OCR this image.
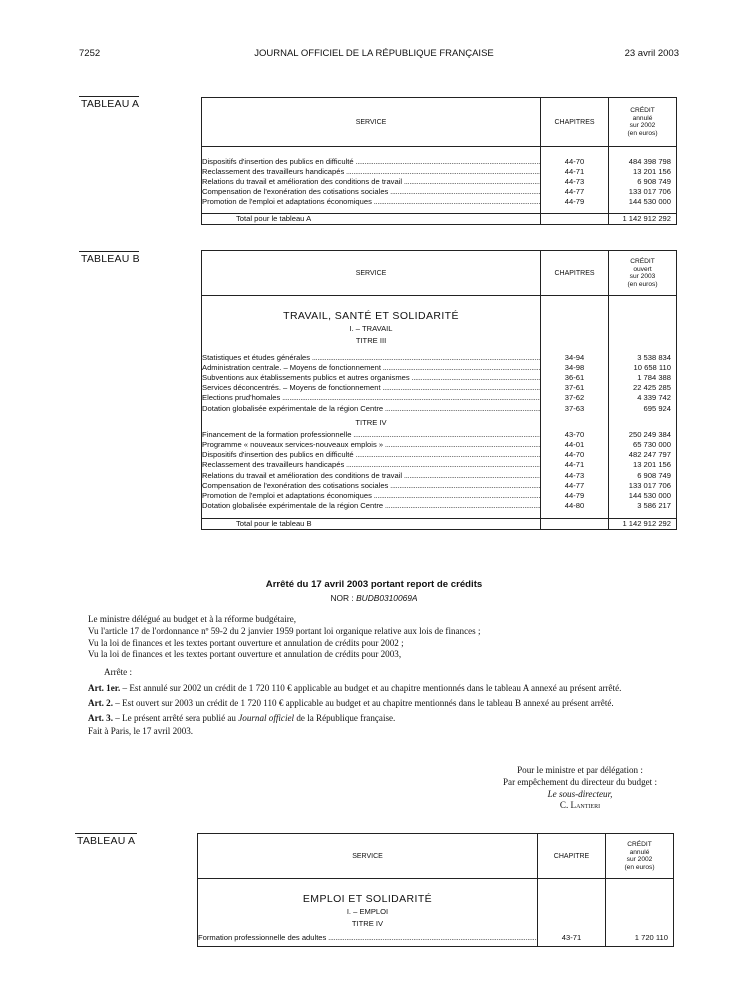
7252	JOURNAL OFFICIEL DE LA RÉPUBLIQUE FRANÇAISE	23 avril 2003
TABLEAU A
SERVICE	CHAPITRES	CRÉDIT
annulé
sur 2002
(en euros)

Dispositifs d'insertion des publics en difficulté .....	44-70	484 398 798
Reclassement des travailleurs handicapés .....	44-71	13 201 156
Relations du travail et amélioration des conditions de travail .....	44-73	6 908 749
Compensation de l'exonération des cotisations sociales .....	44-77	133 017 706
Promotion de l'emploi et adaptations économiques .....	44-79	144 530 000

Total pour le tableau A		1 142 912 292
TABLEAU B
SERVICE	CHAPITRES	CRÉDIT
ouvert
sur 2003
(en euros)

TRAVAIL, SANTÉ ET SOLIDARITÉ		
I. – TRAVAIL		
TITRE III		

Statistiques et études générales .....	34-94	3 538 834
Administration centrale. – Moyens de fonctionnement .....	34-98	10 658 110
Subventions aux établissements publics et autres organismes .....	36-61	1 784 388
Services déconcentrés. – Moyens de fonctionnement .....	37-61	22 425 285
Elections prud'homales .....	37-62	4 339 742
Dotation globalisée expérimentale de la région Centre .....	37-63	695 924

TITRE IV		
Financement de la formation professionnelle .....	43-70	250 249 384
Programme « nouveaux services-nouveaux emplois » .....	44-01	65 730 000
Dispositifs d'insertion des publics en difficulté .....	44-70	482 247 797
Reclassement des travailleurs handicapés .....	44-71	13 201 156
Relations du travail et amélioration des conditions de travail .....	44-73	6 908 749
Compensation de l'exonération des cotisations sociales .....	44-77	133 017 706
Promotion de l'emploi et adaptations économiques .....	44-79	144 530 000
Dotation globalisée expérimentale de la région Centre .....	44-80	3 586 217

Total pour le tableau B		1 142 912 292
Arrêté du 17 avril 2003 portant report de crédits
NOR : BUDB0310069A
Le ministre délégué au budget et à la réforme budgétaire,
Vu l'article 17 de l'ordonnance nº 59-2 du 2 janvier 1959 portant loi organique relative aux lois de finances ;
Vu la loi de finances et les textes portant ouverture et annulation de crédits pour 2002 ;
Vu la loi de finances et les textes portant ouverture et annulation de crédits pour 2003,
Arrête :
Art. 1er. – Est annulé sur 2002 un crédit de 1 720 110 € applicable au budget et au chapitre mentionnés dans le tableau A annexé au présent arrêté.
Art. 2. – Est ouvert sur 2003 un crédit de 1 720 110 € applicable au budget et au chapitre mentionnés dans le tableau B annexé au présent arrêté.
Art. 3. – Le présent arrêté sera publié au Journal officiel de la République française.
Fait à Paris, le 17 avril 2003.
Pour le ministre et par délégation :
Par empêchement du directeur du budget :
Le sous-directeur,
C. Lantieri
TABLEAU A
SERVICE	CHAPITRE	CRÉDIT
annulé
sur 2002
(en euros)

EMPLOI ET SOLIDARITÉ		
I. – EMPLOI		
TITRE IV		
Formation professionnelle des adultes .....	43-71	1 720 110
